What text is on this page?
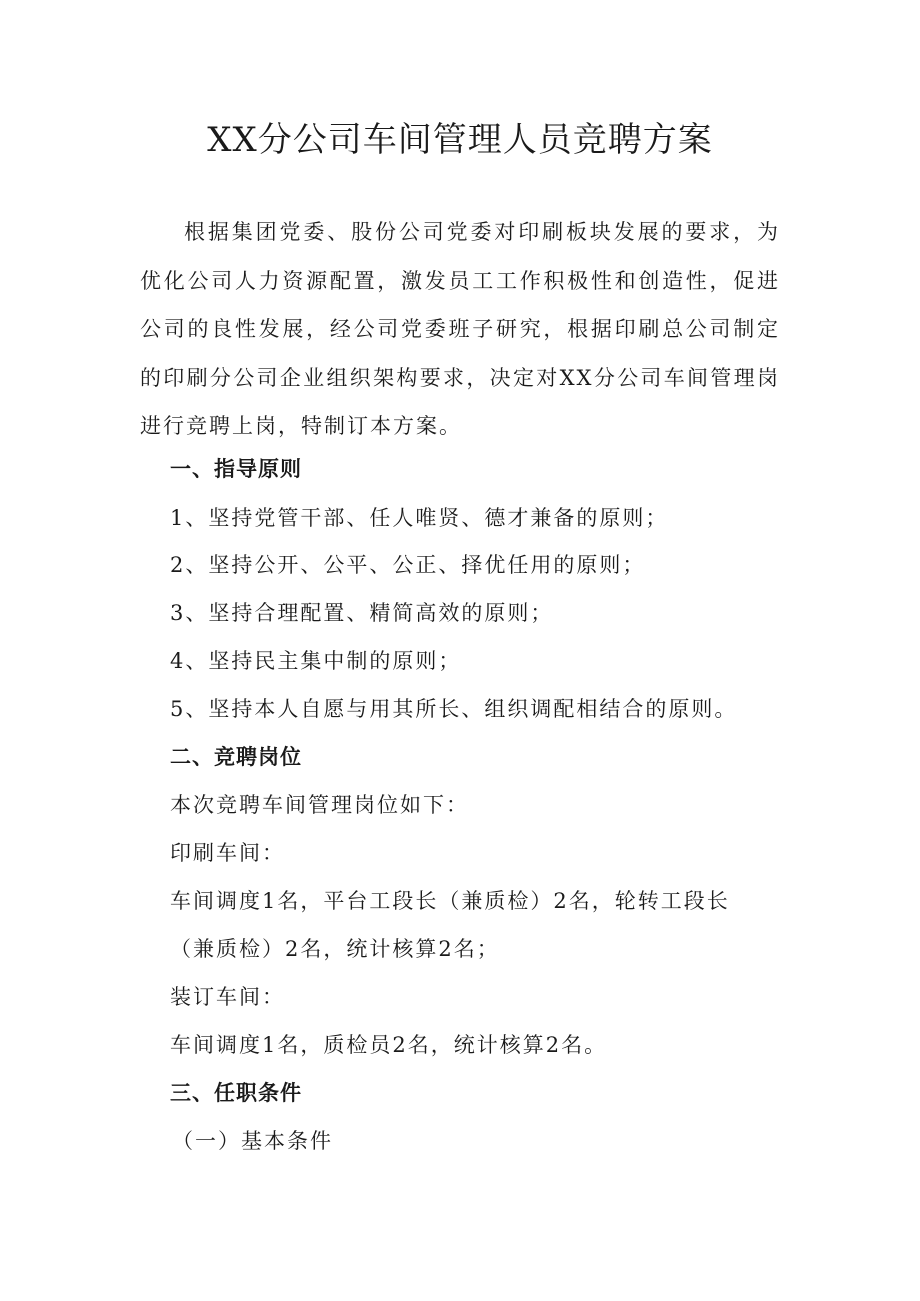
XX分公司车间管理人员竞聘方案

根据集团党委、股份公司党委对印刷板块发展的要求，为优化公司人力资源配置，激发员工工作积极性和创造性，促进公司的良性发展，经公司党委班子研究，根据印刷总公司制定的印刷分公司企业组织架构要求，决定对XX分公司车间管理岗进行竞聘上岗，特制订本方案。

一、指导原则

1、坚持党管干部、任人唯贤、德才兼备的原则；

2、坚持公开、公平、公正、择优任用的原则；

3、坚持合理配置、精简高效的原则；

4、坚持民主集中制的原则；

5、坚持本人自愿与用其所长、组织调配相结合的原则。

二、竞聘岗位

本次竞聘车间管理岗位如下：

印刷车间：

车间调度1名，平台工段长（兼质检）2名，轮转工段长

（兼质检）2名，统计核算2名；

装订车间：

车间调度1名，质检员2名，统计核算2名。

三、任职条件

（一）基本条件
